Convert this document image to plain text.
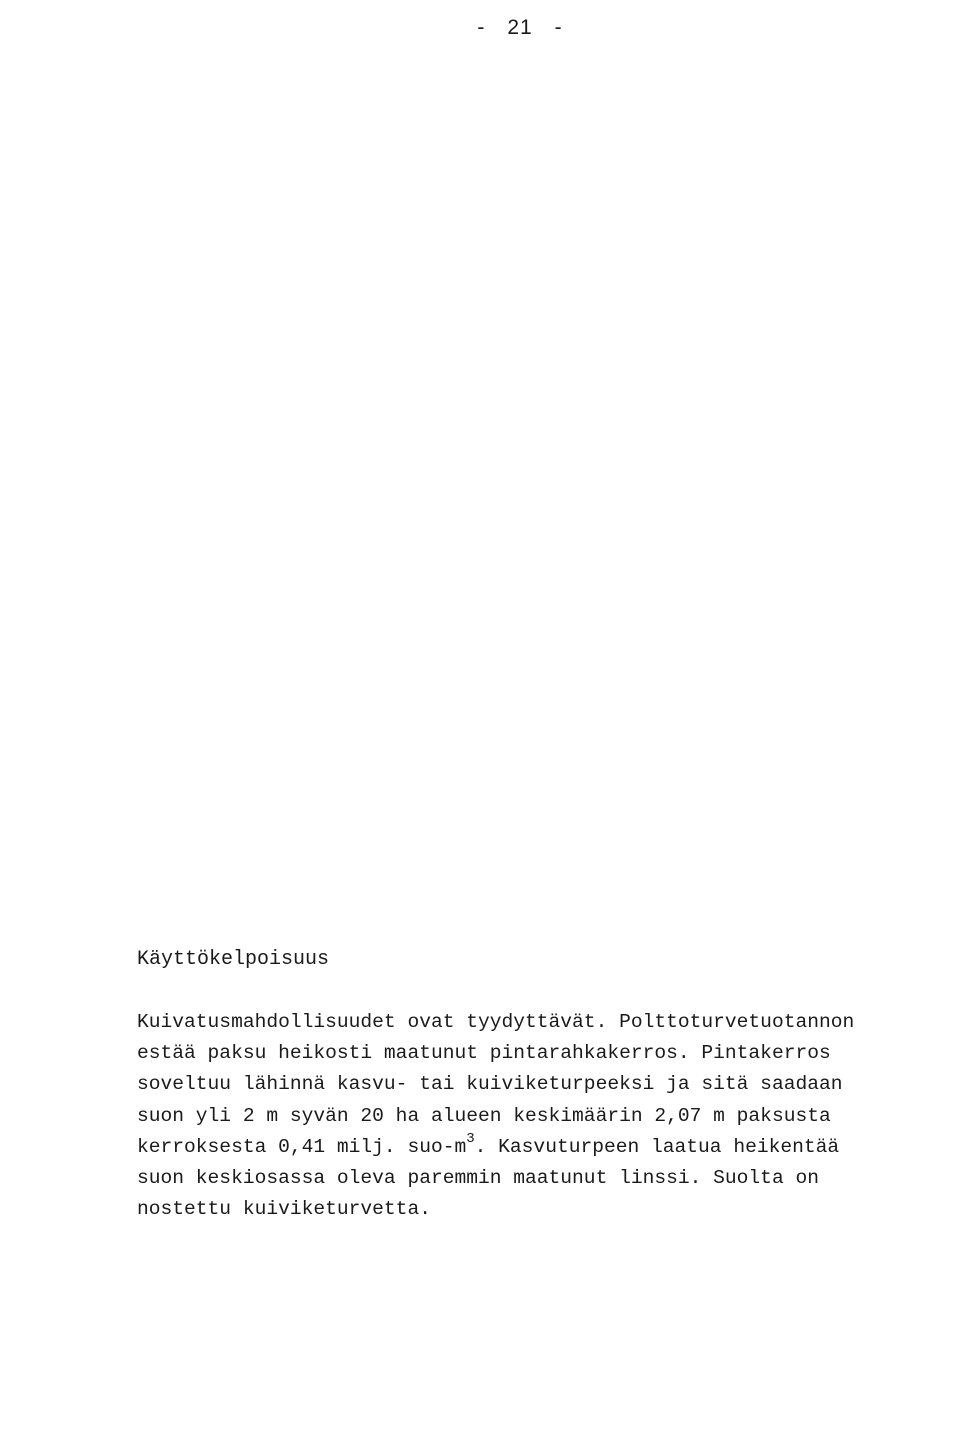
- 21 -
Käyttökelpoisuus
Kuivatusmahdollisuudet ovat tyydyttävät. Polttoturvetuotannon
estää paksu heikosti maatunut pintarahkakerros. Pintakerros
soveltuu lähinnä kasvu- tai kuiviketurpeeksi ja sitä saadaan
suon yli 2 m syvän 20 ha alueen keskimäärin 2,07 m paksusta
kerroksesta 0,41 milj. suo-$m^3$. Kasvuturpeen laatua heikentää
suon keskiosassa oleva paremmin maatunut linssi. Suolta on
nostettu kuiviketurvetta.
